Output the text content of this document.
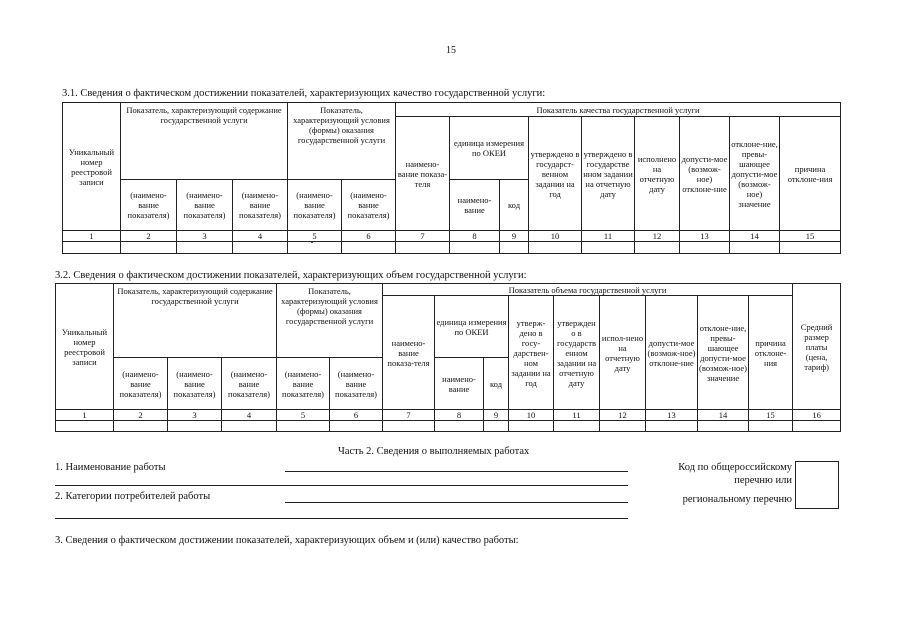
15
3.1. Сведения о фактическом достижении показателей, характеризующих качество государственной услуги:
Уникальный номер реестровой записи	Показатель, характеризующий содержание государственной услуги			Показатель, характеризующий условия (формы) оказания государственной услуги		Показатель качества государственной услуги								
						наимено-вание показа-теля	единица измерения по ОКЕИ		утверждено в государст-венном задании на год	утверждено в государстве нном задании на отчетную дату	исполнено на отчетную дату	допусти-мое (возмож-ное) отклоне-ние	отклоне-ние, превы-шающее допусти-мое (возмож-ное) значение	причина отклоне-ния
	(наимено-вание показателя)	(наимено-вание показателя)	(наимено-вание показателя)	(наимено-вание показателя)	(наимено-вание показателя)		наимено-вание	код						
1	2	3	4	5	6	7	8	9	10	11	12	13	14	15

3.2. Сведения о фактическом достижении показателей, характеризующих объем государственной услуги:
Уникальный номер реестровой записи	Показатель, характеризующий содержание государственной услуги			Показатель, характеризующий условия (формы) оказания государственной услуги		Показатель объема государственной услуги									Средний размер платы (цена, тариф)
						наимено-вание показа-теля	единица измерения по ОКЕИ		утверж-дено в госу-дарствен-ном задании на год	утвержден о в государств енном задании на отчетную дату	испол-нено на отчетную дату	допусти-мое (возмож-ное) отклоне-ние	отклоне-ние, превы-шающее допусти-мое (возмож-ное) значение	причина отклоне-ния	
	(наимено-вание показателя)	(наимено-вание показателя)	(наимено-вание показателя)	(наимено-вание показателя)	(наимено-вание показателя)		наимено-вание	код							
1	2	3	4	5	6	7	8	9	10	11	12	13	14	15	16

Часть 2. Сведения о выполняемых работах
1. Наименование работы
2. Категории потребителей работы
Код по общероссийскому
перечню или
региональному перечню
3. Сведения о фактическом достижении показателей, характеризующих объем и (или) качество работы:
